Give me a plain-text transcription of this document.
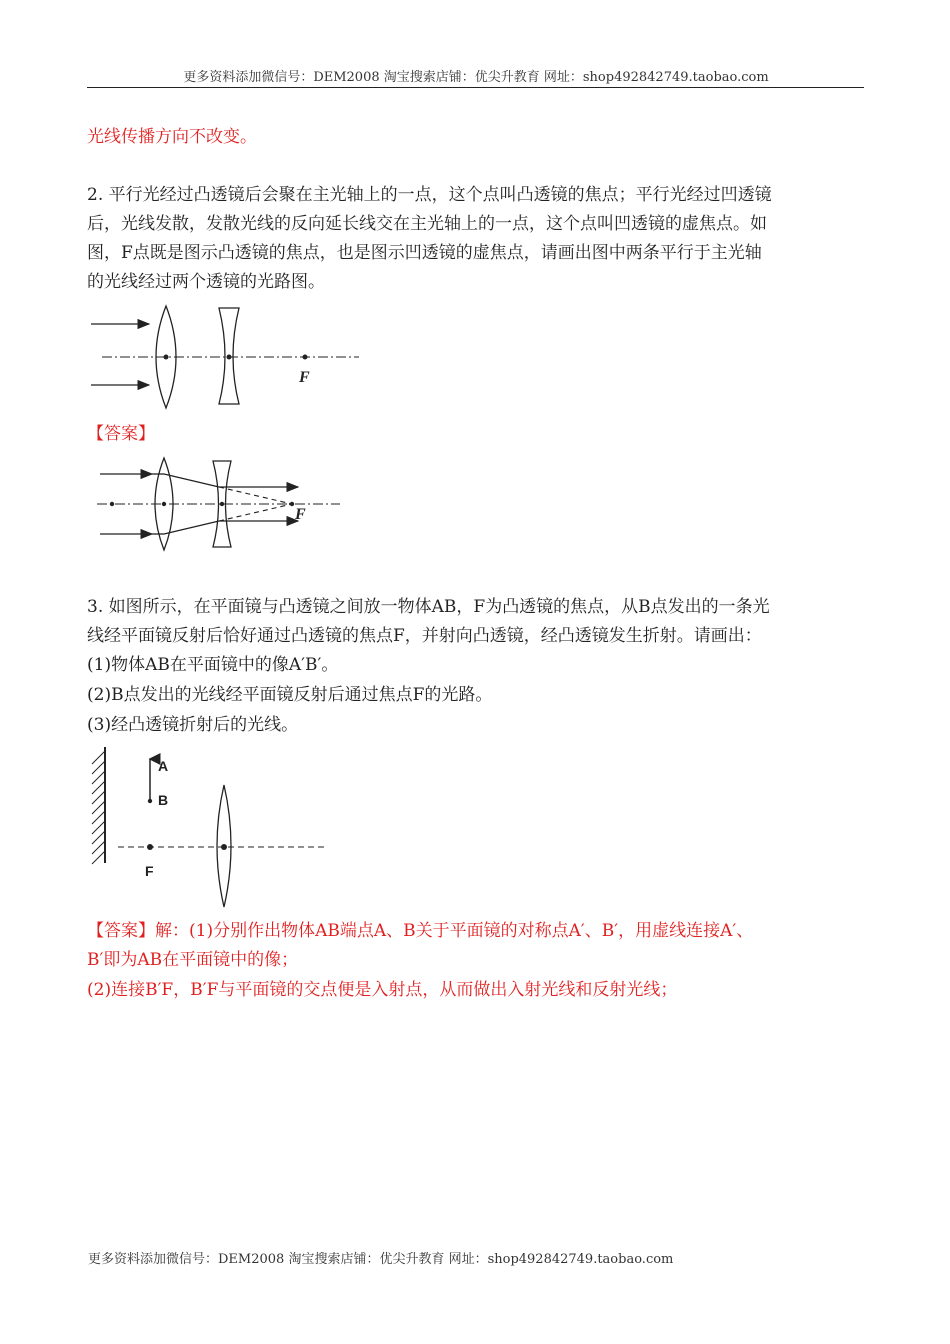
更多资料添加微信号：DEM2008 淘宝搜索店铺：优尖升教育 网址：shop492842749.taobao.com
光线传播方向不改变。
2. 平行光经过凸透镜后会聚在主光轴上的一点，这个点叫凸透镜的焦点；平行光经过凹透镜
后，光线发散，发散光线的反向延长线交在主光轴上的一点，这个点叫凹透镜的虚焦点。如
图，F点既是图示凸透镜的焦点，也是图示凹透镜的虚焦点，请画出图中两条平行于主光轴
的光线经过两个透镜的光路图。
F
【答案】
F
3. 如图所示，在平面镜与凸透镜之间放一物体AB，F为凸透镜的焦点，从B点发出的一条光
线经平面镜反射后恰好通过凸透镜的焦点F，并射向凸透镜，经凸透镜发生折射。请画出：
(1)物体AB在平面镜中的像A′B′。
(2)B点发出的光线经平面镜反射后通过焦点F的光路。
(3)经凸透镜折射后的光线。
A
B
F
【答案】解：(1)分别作出物体AB端点A、B关于平面镜的对称点A′、B′，用虚线连接A′、
B′即为AB在平面镜中的像；
(2)连接B′F，B′F与平面镜的交点便是入射点，从而做出入射光线和反射光线；
更多资料添加微信号：DEM2008 淘宝搜索店铺：优尖升教育 网址：shop492842749.taobao.com
